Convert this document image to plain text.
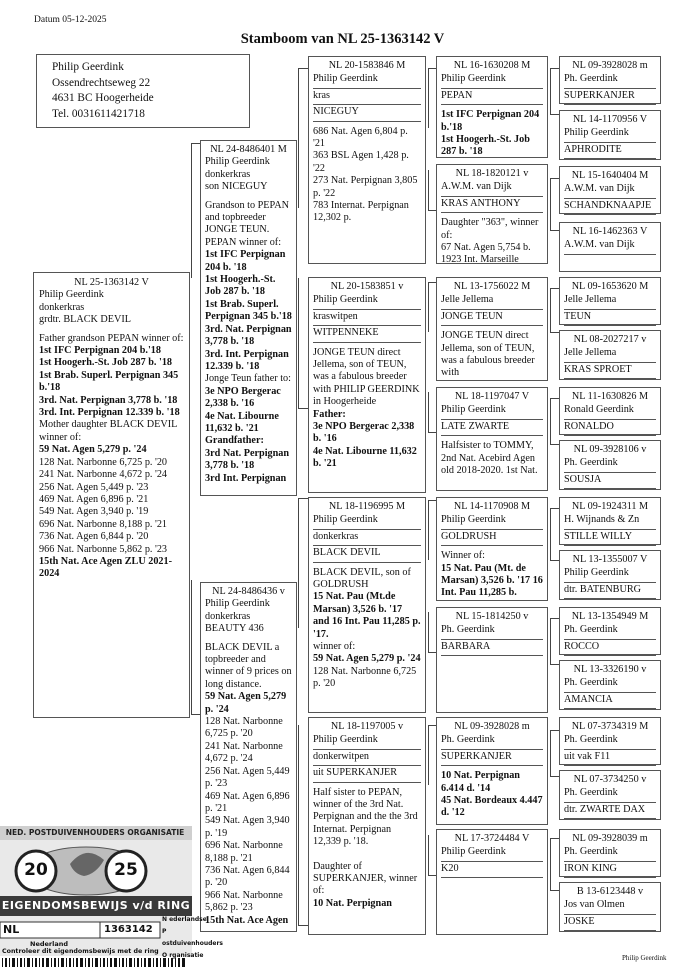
Datum 05-12-2025
Stamboom van NL 25-1363142 V
Philip Geerdink
Ossendrechtseweg 22
4631 BC Hoogerheide
Tel. 0031611421718
NL 25-1363142 V
Philip Geerdink
donkerkras
grdtr. BLACK DEVIL
Father grandson PEPAN winner of:
1st IFC Perpignan 204 b.'18
1st Hoogerh.-St. Job 287 b. '18
1st Brab. Superl. Perpignan 345 b.'18
3rd. Nat. Perpignan 3,778 b. '18
3rd. Int. Perpignan 12.339 b. '18
Mother daughter BLACK DEVIL winner of:
59 Nat. Agen 5,279 p. '24
128 Nat. Narbonne 6,725 p. '20
241 Nat. Narbonne 4,672 p. '24
256 Nat. Agen 5,449 p. '23
469 Nat. Agen 6,896 p. '21
549 Nat. Agen 3,940 p. '19
696 Nat. Narbonne 8,188 p. '21
736 Nat. Agen 6,844 p. '20
966 Nat. Narbonne 5,862 p. '23
15th Nat. Ace Agen ZLU 2021-2024
NL 24-8486401 M
Philip Geerdink
donkerkras
son NICEGUY
Grandson to PEPAN and topbreeder JONGE TEUN.
PEPAN winner of:
1st IFC Perpignan 204 b. '18
1st Hoogerh.-St. Job 287 b. '18
1st Brab. Superl. Perpignan 345 b.'18
3rd. Nat. Perpignan 3,778 b. '18
3rd. Int. Perpignan 12.339 b. '18
Jonge Teun father to:
3e NPO Bergerac 2,338 b. '16
4e Nat. Libourne 11,632 b. '21
Grandfather:
3rd Nat. Perpignan 3,778 b. '18
3rd Int. Perpignan
NL 24-8486436 v
Philip Geerdink
donkerkras
BEAUTY 436
BLACK DEVIL a topbreeder and winner of 9 prices on long distance.
59 Nat. Agen 5,279 p. '24
128 Nat. Narbonne 6,725 p. '20
241 Nat. Narbonne 4,672 p. '24
256 Nat. Agen 5,449 p. '23
469 Nat. Agen 6,896 p. '21
549 Nat. Agen 3,940 p. '19
696 Nat. Narbonne 8,188 p. '21
736 Nat. Agen 6,844 p. '20
966 Nat. Narbonne 5,862 p. '23
15th Nat. Ace Agen
NL 20-1583846 M
Philip Geerdink
kras
NICEGUY
686 Nat. Agen 6,804 p. '21
363 BSL Agen 1,428 p. '22
273 Nat. Perpignan 3,805 p. '22
783 Internat. Perpignan 12,302 p.
NL 20-1583851 v
Philip Geerdink
kraswitpen
WITPENNEKE
JONGE TEUN direct Jellema, son of TEUN, was a fabulous breeder with PHILIP GEERDINK in Hoogerheide
Father:
3e NPO Bergerac 2,338 b. '16
4e Nat. Libourne 11,632 b. '21
NL 18-1196995 M
Philip Geerdink
donkerkras
BLACK DEVIL
BLACK DEVIL, son of GOLDRUSH
15 Nat. Pau (Mt.de Marsan) 3,526 b. '17 and 16 Int. Pau 11,285 p. '17.
winner of:
59 Nat. Agen 5,279 p. '24
128 Nat. Narbonne 6,725 p. '20
NL 18-1197005 v
Philip Geerdink
donkerwitpen
uit SUPERKANJER
Half sister to PEPAN, winner of the 3rd Nat. Perpignan and the the 3rd Internat. Perpignan 12,339 p. '18.
Daughter of SUPERKANJER, winner of:
10 Nat. Perpignan
NL 16-1630208 M
Philip Geerdink
PEPAN
1st IFC Perpignan 204 b.'18
1st Hoogerh.-St. Job 287 b. '18
NL 18-1820121 v
A.W.M. van Dijk
KRAS ANTHONY
Daughter "363", winner of:
67 Nat. Agen 5,754 b. 1923 Int. Marseille
NL 13-1756022 M
Jelle Jellema
JONGE TEUN
JONGE TEUN direct Jellema, son of TEUN, was a fabulous breeder with
NL 18-1197047 V
Philip Geerdink
LATE ZWARTE
Halfsister to TOMMY, 2nd Nat. Acebird Agen old 2018-2020. 1st Nat.
NL 14-1170908 M
Philip Geerdink
GOLDRUSH
Winner of:
15 Nat. Pau (Mt. de Marsan) 3,526 b. '17 16 Int. Pau 11,285 b.
NL 15-1814250 v
Ph. Geerdink
BARBARA
NL 09-3928028 m
Ph. Geerdink
SUPERKANJER
10 Nat. Perpignan 6.414 d. '14
45 Nat. Bordeaux 4.447 d. '12
NL 17-3724484 V
Philip Geerdink
K20
NL 09-3928028 m
Ph. Geerdink
SUPERKANJER
NL 14-1170956 V
Philip Geerdink
APHRODITE
NL 15-1640404 M
A.W.M. van Dijk
SCHANDKNAAPJE
NL 16-1462363 V
A.W.M. van Dijk
NL 09-1653620 M
Jelle Jellema
TEUN
NL 08-2027217 v
Jelle Jellema
KRAS SPROET
NL 11-1630826 M
Ronald Geerdink
RONALDO
NL 09-3928106 v
Ph. Geerdink
SOUSJA
NL 09-1924311 M
H. Wijnands & Zn
STILLE WILLY
NL 13-1355007 V
Philip Geerdink
dtr. BATENBURG
NL 13-1354949 M
Ph. Geerdink
ROCCO
NL 13-3326190 v
Ph. Geerdink
AMANCIA
NL 07-3734319 M
Ph. Geerdink
uit vak F11
NL 07-3734250 v
Ph. Geerdink
dtr. ZWARTE DAX
NL 09-3928039 m
Ph. Geerdink
IRON KING
B 13-6123448 v
Jos van Olmen
JOSKE
NED. POSTDUIVENHOUDERS ORGANISATIE
20	25
EIGENDOMSBEWIJS v/d RING
NL	1363142
Nederland
Controleer dit eigendomsbewijs met de ring
N ederlandse
P ostduivenhouders
O rganisatie	Philip Geerdink
